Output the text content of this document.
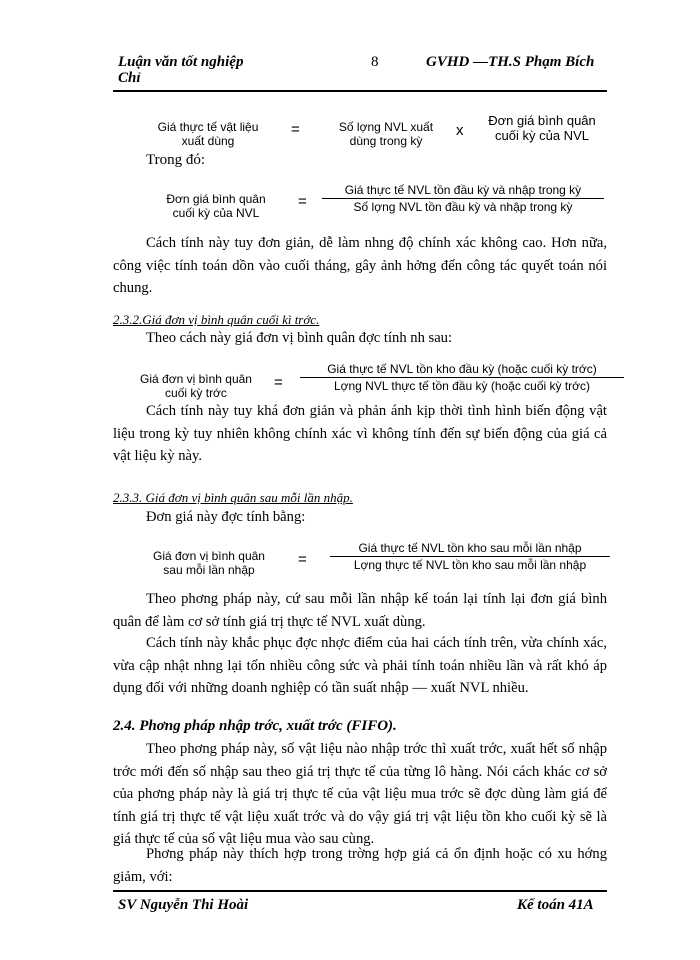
Luận văn tốt nghiệp
Chỉ
8	GVHD —TH.S Phạm Bích
Giá thực tế vật liệu
xuất dùng
=	Số lợng NVL xuất
dùng trong kỳ
x
Đơn giá bình quân
cuối kỳ của NVL
Trong đó:
Đơn giá bình quân
cuối kỳ của NVL
=
Giá thực tế NVL tồn đầu kỳ và nhập trong kỳ
Số lợng NVL tồn đầu kỳ và nhập trong kỳ
Cách tính này tuy đơn giản, dễ làm nhng độ chính xác không cao. Hơn nữa, công việc tính toán dồn vào cuối tháng, gây ảnh hởng đến công tác quyết toán nói chung.
2.3.2.Giá đơn vị bình quân cuối kì trớc.
Theo cách này giá đơn vị bình quân đợc tính nh sau:
Giá đơn vị bình quân
cuối kỳ trớc
=
Giá thực tế NVL tồn kho đầu kỳ (hoặc cuối kỳ trớc)
Lợng NVL thực tế tồn đầu kỳ (hoặc cuối kỳ trớc)
Cách tính này tuy khá đơn giản và phản ánh kịp thời tình hình biến động vật liệu trong kỳ tuy nhiên không chính xác vì không tính đến sự biến động của giá cả vật liệu kỳ này.
2.3.3. Giá đơn vị bình quân sau mỗi lần nhập.
Đơn giá này đợc tính bằng:
Giá đơn vị bình quân
sau mỗi lần nhập
=
Giá thực tế NVL tồn kho sau mỗi lần nhập
Lợng thực tế NVL tồn kho sau mỗi lần nhập
Theo phơng pháp này, cứ sau mỗi lần nhập kế toán lại tính lại đơn giá bình quân để làm cơ sở tính giá trị thực tế NVL xuất dùng.
Cách tính này khắc phục đợc nhợc điểm của hai cách tính trên, vừa chính xác, vừa cập nhật nhng lại tốn nhiều công sức và phải tính toán nhiều lần và rất khó áp dụng đối với những doanh nghiệp có tần suất nhập — xuất NVL nhiều.
2.4. Phơng pháp nhập trớc, xuất trớc (FIFO).
Theo phơng pháp này, số vật liệu nào nhập trớc thì xuất trớc, xuất hết số nhập trớc mới đến số nhập sau theo giá trị thực tế của từng lô hàng. Nói cách khác cơ sở của phơng pháp này là giá trị thực tế của vật liệu mua trớc sẽ đợc dùng làm giá để tính giá trị thực tế vật liệu xuất trớc và do vậy giá trị vật liệu tồn kho cuối kỳ sẽ là giá thực tế của số vật liệu mua vào sau cùng.
Phơng pháp này thích hợp trong trờng hợp giá cả ổn định hoặc có xu hớng giảm, với:
SV Nguyễn Thi Hoài	Kế toán 41A
